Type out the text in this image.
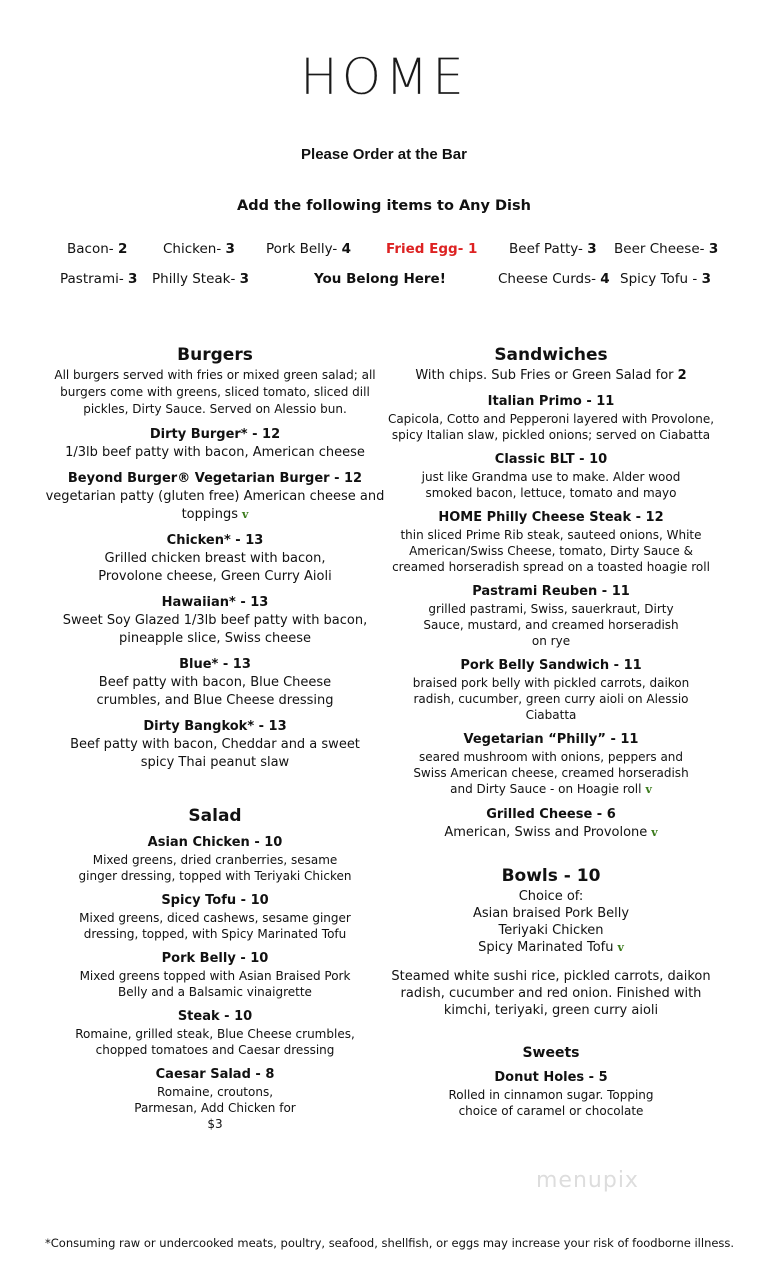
HOME
Please Order at the Bar
Add the following items to Any Dish
Bacon- 2	Chicken- 3 Pork Belly- 4	Fried Egg- 1 Beef Patty- 3 Beer Cheese- 3
Pastrami- 3 Philly Steak- 3	You Belong Here!	Cheese Curds- 4 Spicy Tofu - 3
Burgers
All burgers served with fries or mixed green salad; all burgers come with greens, sliced tomato, sliced dill pickles, Dirty Sauce. Served on Alessio bun.
Dirty Burger* - 12
1/3lb beef patty with bacon, American cheese
Beyond Burger® Vegetarian Burger - 12
vegetarian patty (gluten free) American cheese and toppings v
Chicken* - 13
Grilled chicken breast with bacon, Provolone cheese, Green Curry Aioli
Hawaiian* - 13
Sweet Soy Glazed 1/3lb beef patty with bacon, pineapple slice, Swiss cheese
Blue* - 13
Beef patty with bacon, Blue Cheese crumbles, and Blue Cheese dressing
Dirty Bangkok* - 13
Beef patty with bacon, Cheddar and a sweet spicy Thai peanut slaw
Salad
Asian Chicken - 10
Mixed greens, dried cranberries, sesame ginger dressing, topped with Teriyaki Chicken
Spicy Tofu - 10
Mixed greens, diced cashews, sesame ginger dressing, topped, with Spicy Marinated Tofu
Pork Belly - 10
Mixed greens topped with Asian Braised Pork Belly and a Balsamic vinaigrette
Steak - 10
Romaine, grilled steak, Blue Cheese crumbles, chopped tomatoes and Caesar dressing
Caesar Salad - 8
Romaine, croutons, Parmesan, Add Chicken for $3
Sandwiches
With chips. Sub Fries or Green Salad for 2
Italian Primo - 11
Capicola, Cotto and Pepperoni layered with Provolone, spicy Italian slaw, pickled onions; served on Ciabatta
Classic BLT - 10
just like Grandma use to make. Alder wood smoked bacon, lettuce, tomato and mayo
HOME Philly Cheese Steak - 12
thin sliced Prime Rib steak, sauteed onions, White American/Swiss Cheese, tomato, Dirty Sauce & creamed horseradish spread on a toasted hoagie roll
Pastrami Reuben - 11
grilled pastrami, Swiss, sauerkraut, Dirty Sauce, mustard, and creamed horseradish on rye
Pork Belly Sandwich - 11
braised pork belly with pickled carrots, daikon radish, cucumber, green curry aioli on Alessio Ciabatta
Vegetarian “Philly” - 11
seared mushroom with onions, peppers and Swiss American cheese, creamed horseradish and Dirty Sauce - on Hoagie roll v
Grilled Cheese - 6
American, Swiss and Provolone v
Bowls - 10
Choice of:
Asian braised Pork Belly
Teriyaki Chicken
Spicy Marinated Tofu v
Steamed white sushi rice, pickled carrots, daikon radish, cucumber and red onion. Finished with kimchi, teriyaki, green curry aioli
Sweets
Donut Holes - 5
Rolled in cinnamon sugar. Topping choice of caramel or chocolate
menupix
*Consuming raw or undercooked meats, poultry, seafood, shellfish, or eggs may increase your risk of foodborne illness.
